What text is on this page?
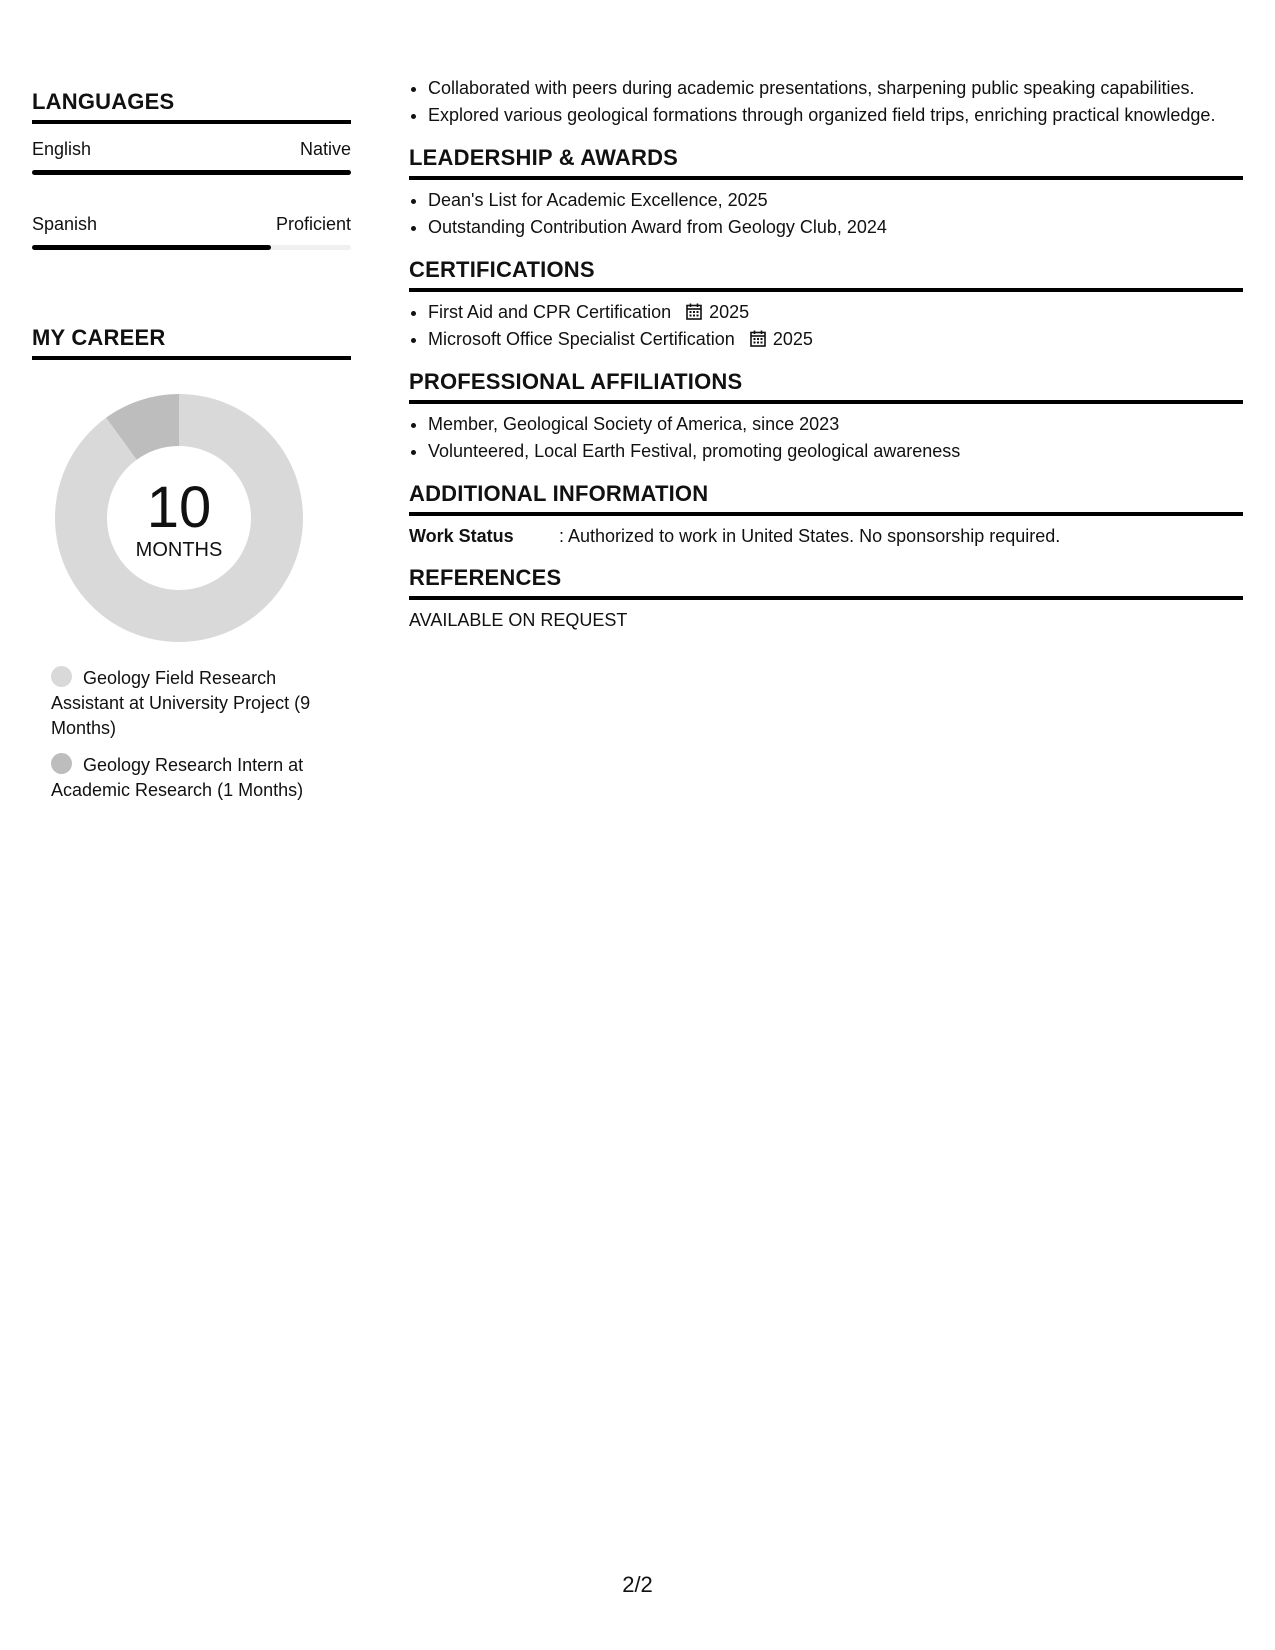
LANGUAGES
English	Native
Spanish	Proficient
MY CAREER
10
MONTHS
Geology Field Research Assistant at University Project (9 Months)
Geology Research Intern at Academic Research (1 Months)
• Collaborated with peers during academic presentations, sharpening public speaking capabilities.
• Explored various geological formations through organized field trips, enriching practical knowledge.
LEADERSHIP & AWARDS
• Dean's List for Academic Excellence, 2025
• Outstanding Contribution Award from Geology Club, 2024
CERTIFICATIONS
• First Aid and CPR Certification 2025
• Microsoft Office Specialist Certification 2025
PROFESSIONAL AFFILIATIONS
• Member, Geological Society of America, since 2023
• Volunteered, Local Earth Festival, promoting geological awareness
ADDITIONAL INFORMATION
Work Status	: Authorized to work in United States. No sponsorship required.
REFERENCES
AVAILABLE ON REQUEST
2/2
